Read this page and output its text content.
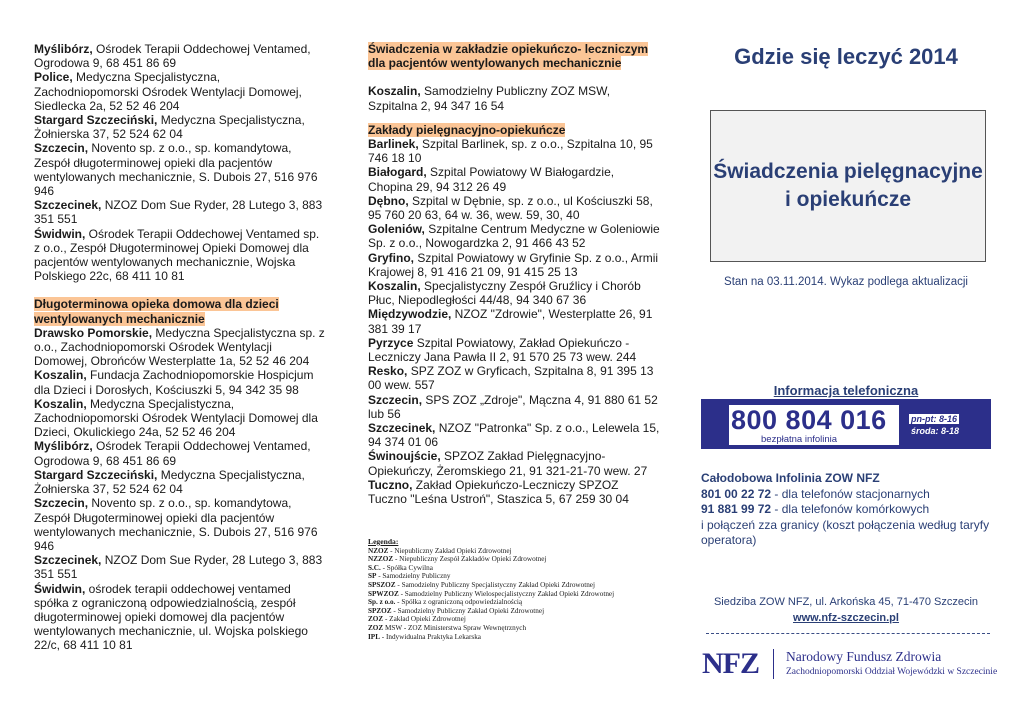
Myślibórz, Ośrodek Terapii Oddechowej Ventamed, Ogrodowa 9, 68 451 86 69
Police, Medyczna Specjalistyczna, Zachodniopomorski Ośrodek Wentylacji Domowej, Siedlecka 2a, 52 52 46 204
Stargard Szczeciński, Medyczna Specjalistyczna, Żołnierska 37, 52 524 62 04
Szczecin, Novento sp. z o.o., sp. komandytowa, Zespół długoterminowej opieki dla pacjentów wentylowanych mechanicznie, S. Dubois 27, 516 976 946
Szczecinek, NZOZ Dom Sue Ryder, 28 Lutego 3, 883 351 551
Świdwin, Ośrodek Terapii Oddechowej Ventamed sp. z o.o., Zespół Długoterminowej Opieki Domowej dla pacjentów wentylowanych mechanicznie, Wojska Polskiego 22c, 68 411 10 81
Długoterminowa opieka domowa dla dzieci wentylowanych mechanicznie
Drawsko Pomorskie, Medyczna Specjalistyczna sp. z o.o., Zachodniopomorski Ośrodek Wentylacji Domowej, Obrońców Westerplatte 1a, 52 52 46 204
Koszalin, Fundacja Zachodniopomorskie Hospicjum dla Dzieci i Dorosłych, Kościuszki 5, 94 342 35 98
Koszalin, Medyczna Specjalistyczna, Zachodniopomorski Ośrodek Wentylacji Domowej dla Dzieci, Okulickiego 24a, 52 52 46 204
Myślibórz, Ośrodek Terapii Oddechowej Ventamed, Ogrodowa 9, 68 451 86 69
Stargard Szczeciński, Medyczna Specjalistyczna, Żołnierska 37, 52 524 62 04
Szczecin, Novento sp. z o.o., sp. komandytowa, Zespół Długoterminowej opieki dla pacjentów wentylowanych mechanicznie, S. Dubois 27, 516 976 946
Szczecinek, NZOZ Dom Sue Ryder, 28 Lutego 3, 883 351 551
Świdwin, ośrodek terapii oddechowej ventamed spółka z ograniczoną odpowiedzialnością, zespół długoterminowej opieki domowej dla pacjentów wentylowanych mechanicznie, ul. Wojska polskiego 22/c, 68 411 10 81
Świadczenia w zakładzie opiekuńczo- leczniczym dla pacjentów wentylowanych mechanicznie
Koszalin, Samodzielny Publiczny ZOZ MSW, Szpitalna 2, 94 347 16 54
Zakłady pielęgnacyjno-opiekuńcze
Barlinek, Szpital Barlinek, sp. z o.o., Szpitalna 10, 95 746 18 10
Białogard, Szpital Powiatowy W Białogardzie, Chopina 29, 94 312 26 49
Dębno, Szpital w Dębnie, sp. z o.o., ul Kościuszki 58, 95 760 20 63, 64 w. 36, wew. 59, 30, 40
Goleniów, Szpitalne Centrum Medyczne w Goleniowie Sp. z o.o., Nowogardzka 2, 91 466 43 52
Gryfino, Szpital Powiatowy w Gryfinie Sp. z o.o., Armii Krajowej 8, 91 416 21 09, 91 415 25 13
Koszalin, Specjalistyczny Zespół Gruźlicy i Chorób Płuc, Niepodległości 44/48, 94 340 67 36
Międzywodzie, NZOZ "Zdrowie", Westerplatte 26, 91 381 39 17
Pyrzyce Szpital Powiatowy, Zakład Opiekuńczo - Leczniczy Jana Pawła II 2, 91 570 25 73 wew. 244
Resko, SPZ ZOZ w Gryficach, Szpitalna 8, 91 395 13 00 wew. 557
Szczecin, SPS ZOZ „Zdroje", Mączna 4, 91 880 61 52 lub 56
Szczecinek, NZOZ "Patronka" Sp. z o.o., Lelewela 15, 94 374 01 06
Świnoujście, SPZOZ Zakład Pielęgnacyjno-Opiekuńczy, Żeromskiego 21, 91 321-21-70 wew. 27
Tuczno, Zakład Opiekuńczo-Leczniczy SPZOZ Tuczno "Leśna Ustroń", Staszica 5, 67 259 30 04
Legenda:
NZOZ - Niepubliczny Zakład Opieki Zdrowotnej
NZZOZ - Niepubliczny Zespół Zakładów Opieki Zdrowotnej
S.C. - Spółka Cywilna
SP - Samodzielny Publiczny
SPSZOZ - Samodzielny Publiczny Specjalistyczny Zakład Opieki Zdrowotnej
SPWZOZ - Samodzielny Publiczny Wielospecjalistyczny Zakład Opieki Zdrowotnej
Sp. z o.o. - Spółka z ograniczoną odpowiedzialnością
SPZOZ - Samodzielny Publiczny Zakład Opieki Zdrowotnej
ZOZ - Zakład Opieki Zdrowotnej
ZOZ MSW - ZOZ Ministerstwa Spraw Wewnętrznych
IPL - Indywidualna Praktyka Lekarska
Gdzie się leczyć 2014
Świadczenia pielęgnacyjne i opiekuńcze
Stan na 03.11.2014. Wykaz podlega aktualizacji
Informacja telefoniczna
800 804 016
bezpłatna infolinia
pn-pt: 8-16
środa: 8-18
Całodobowa Infolinia ZOW NFZ
801 00 22 72 - dla telefonów stacjonarnych
91 881 99 72 - dla telefonów komórkowych
i połączeń zza granicy (koszt połączenia według taryfy operatora)
Siedziba ZOW NFZ, ul. Arkońska 45, 71-470 Szczecin
www.nfz-szczecin.pl
NFZ Narodowy Fundusz Zdrowia
Zachodniopomorski Oddział Wojewódzki w Szczecinie
